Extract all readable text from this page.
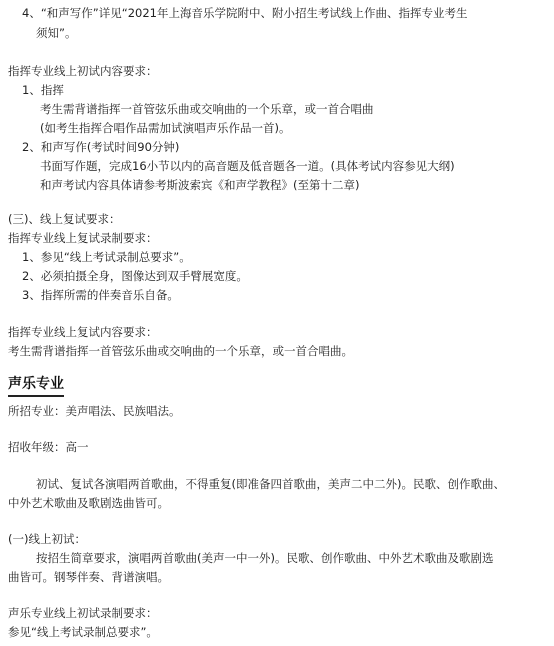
4、“和声写作”详见“2021年上海音乐学院附中、附小招生考试线上作曲、指挥专业考生
须知”。
指挥专业线上初试内容要求：
1、指挥
考生需背谱指挥一首管弦乐曲或交响曲的一个乐章，或一首合唱曲
(如考生指挥合唱作品需加试演唱声乐作品一首)。
2、和声写作(考试时间90分钟)
书面写作题，完成16小节以内的高音题及低音题各一道。(具体考试内容参见大纲)
和声考试内容具体请参考斯波索宾《和声学教程》(至第十二章)
(三)、线上复试要求：
指挥专业线上复试录制要求：
1、参见“线上考试录制总要求”。
2、必须拍摄全身，图像达到双手臂展宽度。
3、指挥所需的伴奏音乐自备。
指挥专业线上复试内容要求：
考生需背谱指挥一首管弦乐曲或交响曲的一个乐章，或一首合唱曲。
声乐专业
所招专业：美声唱法、民族唱法。
招收年级：高一
初试、复试各演唱两首歌曲，不得重复(即准备四首歌曲，美声二中二外)。民歌、创作歌曲、
中外艺术歌曲及歌剧选曲皆可。
(一)线上初试：
按招生简章要求，演唱两首歌曲(美声一中一外)。民歌、创作歌曲、中外艺术歌曲及歌剧选
曲皆可。钢琴伴奏、背谱演唱。
声乐专业线上初试录制要求：
参见“线上考试录制总要求”。
